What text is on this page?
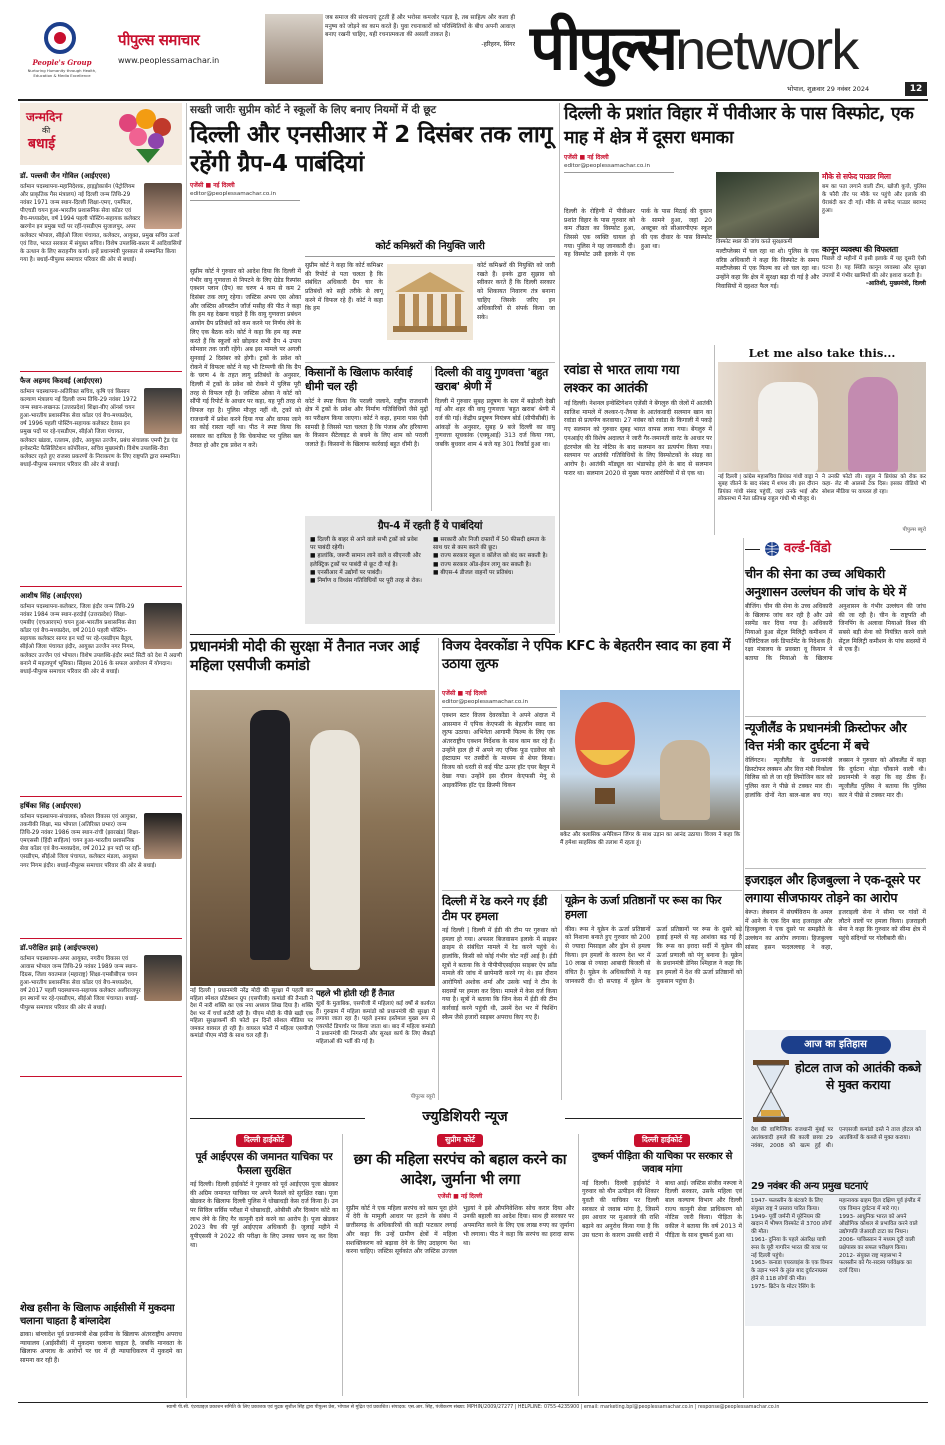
People's Group
Nurturing Humanity through Health, Education & Media Excellence
पीपुल्स समाचार
www.peoplessamachar.in
जब समाज की संरचनाएं टूटती हैं और भरोसा कमजोर पड़ता है, तब साहित्य और कला ही मनुष्य को जोड़ने का काम करते हैं। युवा रचनाकारों को परिस्थितियों के बीच अपनी आवाज़ बनाए रखनी चाहिए, यही रचनात्मकता की असली ताकत है।
-हरिहरन, सिंगर पीपुल्सnetwork
भोपाल, शुक्रवार 29 नवंबर 2024	12
जन्मदिन
की
बधाई
डॉ. पल्लवी जैन गोविल (आईएएस)

वर्तमान पदस्थापना-महानिदेशक, हाइड्रोकार्बन (पेट्रोलियम और प्राकृतिक गैस मंत्रालय) नई दिल्ली जन्म तिथि-29 नवंबर 1971 जन्म स्थान-दिल्ली शिक्षा-एमए, एमफिल, पीएचडी चयन हुआ-भारतीय प्रशासनिक सेवा कॉडर एवं बैच-मध्यप्रदेश, वर्ष 1994 पहली पोस्टिंग-सहायक कलेक्टर खरगोन इन प्रमुख पदों पर रहीं-एसडीएम सुजालपुर, अपर कलेक्टर भोपाल, सीईओ जिला पंचायत, कलेक्टर, आयुक्त, प्रमुख सचिव ऊर्जा एवं वित्त, भारत सरकार में संयुक्त सचिव। विशेष उपलब्धि-बस्तर में आदिवासियों के उत्थान के लिए सराहनीय कार्य। इन्हें प्रधानमंत्री पुरस्कार से सम्मानित किया गया है। बधाई-पीपुल्स समाचार परिवार की ओर से बधाई।

फैज अहमद किदवई (आईएएस)

वर्तमान पदस्थापना-अतिरिक्त सचिव, कृषि एवं किसान कल्याण मंत्रालय नई दिल्ली जन्म तिथि-29 नवंबर 1972 जन्म स्थान-लखनऊ (उत्तरप्रदेश) शिक्षा-बीए ऑनर्स चयन हुआ-भारतीय प्रशासनिक सेवा कॉडर एवं बैच-मध्यप्रदेश, वर्ष 1996 पहली पोस्टिंग-सहायक कलेक्टर देवास इन प्रमुख पदों पर रहे-एसडीएम, सीईओ जिला पंचायत, कलेक्टर खंडवा, रतलाम, इंदौर, आयुक्त उज्जैन, प्रबंध संचालक एमपी ट्रेड एंड इन्वेस्टमेंट फैसिलिटेशन कॉर्पोरेशन, सचिव मुख्यमंत्री। विशेष उपलब्धि-रीवा कलेक्टर रहते हुए राजस्व प्रकरणों के निराकरण के लिए राष्ट्रपति द्वारा सम्मानित। बधाई-पीपुल्स समाचार परिवार की ओर से बधाई।

आशीष सिंह (आईएएस)

वर्तमान पदस्थापना-कलेक्टर, जिला इंदौर जन्म तिथि-29 नवंबर 1984 जन्म स्थान-हरदोई (उत्तरप्रदेश) शिक्षा-एमबीए (एचआरएम) चयन हुआ-भारतीय प्रशासनिक सेवा कॉडर एवं बैच-मध्यप्रदेश, वर्ष 2010 पहली पोस्टिंग-सहायक कलेक्टर सागर इन पदों पर रहे-एसडीएम बैतूल, सीईओ जिला पंचायत इंदौर, आयुक्त उज्जैन नगर निगम, कलेक्टर उज्जैन एवं भोपाल। विशेष उपलब्धि-इंदौर स्मार्ट सिटी को देश में अग्रणी बनाने में महत्वपूर्ण भूमिका। सिंहस्थ 2016 के सफल आयोजन में योगदान। बधाई-पीपुल्स समाचार परिवार की ओर से बधाई।

हर्षिका सिंह (आईएएस)

वर्तमान पदस्थापना-संचालक, कौशल विकास एवं आयुक्त, तकनीकी शिक्षा, मप्र भोपाल (अतिरिक्त प्रभार) जन्म तिथि-29 नवंबर 1986 जन्म स्थान-रांची (झारखंड) शिक्षा-एमएससी (हिंदी साहित्य) चयन हुआ-भारतीय प्रशासनिक सेवा कॉडर एवं बैच-मध्यप्रदेश, वर्ष 2012 इन पदों पर रहीं-एसडीएम, सीईओ जिला पंचायत, कलेक्टर मंडला, आयुक्त नगर निगम इंदौर। बधाई-पीपुल्स समाचार परिवार की ओर से बधाई।

डॉ.परीक्षित झाड़े (आईएफएस)

वर्तमान पदस्थापना-अपर आयुक्त, नगरीय विकास एवं आवास भोपाल जन्म तिथि-29 नवंबर 1989 जन्म स्थान-दिग्रस, जिला यवतमाल (महाराष्ट्र) शिक्षा-एमबीबीएस चयन हुआ-भारतीय प्रशासनिक सेवा कॉडर एवं बैच-मध्यप्रदेश, वर्ष 2017 पहली पदस्थापना-सहायक कलेक्टर अलीराजपुर इन स्थानों पर रहे-एसडीएम, सीईओ जिला पंचायत। बधाई-पीपुल्स समाचार परिवार की ओर से बधाई।

शेख हसीना के खिलाफ आईसीसी में मुकदमा चलाना चाहता है बांग्लादेश
ढाका। बांग्लादेश पूर्व प्रधानमंत्री शेख हसीना के खिलाफ अंतरराष्ट्रीय अपराध न्यायालय (आईसीसी) में मुकदमा चलाना चाहता है, जबकि मानवता के खिलाफ अपराध के आरोपों पर घर में ही न्यायाधिकरण में मुकदमे का सामना कर रही हैं।
सख्ती जारीः सुप्रीम कोर्ट ने स्कूलों के लिए बनाए नियमों में दी छूट
दिल्ली और एनसीआर में 2 दिसंबर तक लागू रहेंगी ग्रैप-4 पाबंदियां
एजेंसी ■ नई दिल्ली
editor@peoplessamachar.co.in
सुप्रीम कोर्ट ने गुरुवार को आदेश दिया कि दिल्ली में गंभीर वायु गुणवत्ता से निपटने के लिए ग्रेडेड रिस्पांस एक्शन प्लान (ग्रैप) का चरण 4 कम से कम 2 दिसंबर तक लागू रहेगा। जस्टिस अभय एस ओका और जस्टिस ऑगस्टीन जॉर्ज मसीह की पीठ ने कहा कि हम यह देखना चाहते हैं कि वायु गुणवत्ता प्रबंधन आयोग ग्रैप प्रतिबंधों को कम करने पर निर्णय लेने के लिए एक बैठक करे। कोर्ट ने कहा कि हम यह स्पष्ट करते हैं कि स्कूलों को छोड़कर सभी ग्रैप 4 उपाय सोमवार तक जारी रहेंगे। अब इस मामले पर अगली सुनवाई 2 दिसंबर को होगी। ट्रकों के प्रवेश को रोकने में विफलः कोर्ट ने यह भी टिप्पणी की कि ग्रैप के चरण 4 के तहत लागू प्रतिबंधों के अनुसार, दिल्ली में ट्रकों के प्रवेश को रोकने में पुलिस पूरी तरह से विफल रही है। जस्टिस ओका ने कोर्ट को सौंपी गई रिपोर्ट के आधार पर कहा, यह पूरी तरह से विफल रहा है। पुलिस मौजूद नहीं थी, ट्रकों को राजधानी में प्रवेश करने दिया गया और वापस जाने का कोई रास्ता नहीं था। पीठ ने स्पष्ट किया कि सरकार का दायित्व है कि चेकपोस्ट पर पुलिस बल तैनात हो और ट्रक प्रवेश न करें।
कोर्ट कमिश्नरों की नियुक्ति जारी
सुप्रीम कोर्ट ने कहा कि कोर्ट कमिश्नर की रिपोर्ट से पता चलता है कि संबंधित अधिकारी ग्रैप चार के प्रतिबंधों को सही तरीके से लागू करने में विफल रहे हैं। कोर्ट ने कहा कि हम
कोर्ट कमिश्नरों की नियुक्ति को जारी रखते हैं। इनके द्वारा सुझाव को स्वीकार करते हैं कि दिल्ली सरकार को शिकायत निवारण तंत्र बनाना चाहिए जिसके जरिए इन अधिकारियों से संपर्क किया जा सके।
किसानों के खिलाफ कार्रवाई धीमी चल रही
कोर्ट ने स्पष्ट किया कि पराली जलाने, राष्ट्रीय राजधानी क्षेत्र में ट्रकों के प्रवेश और निर्माण गतिविधियों जैसे मुद्दों का परीक्षण किया जाएगा। कोर्ट ने कहा, हमारा पास ऐसी सामग्री है जिससे पता चलता है कि पंजाब और हरियाणा के किसान सैटेलाइट से बचने के लिए शाम को पराली जलाते हैं। किसानों के खिलाफ कार्रवाई बहुत धीमी है।
दिल्ली की वायु गुणवत्ता 'बहुत खराब' श्रेणी में
दिल्ली में गुरुवार सुबह प्रदूषण के स्तर में बढ़ोतरी देखी गई और शहर की वायु गुणवत्ता 'बहुत खराब' श्रेणी में दर्ज की गई। केंद्रीय प्रदूषण नियंत्रण बोर्ड (सीपीसीबी) के आंकड़ों के अनुसार, सुबह 9 बजे दिल्ली का वायु गुणवत्ता सूचकांक (एक्यूआई) 313 दर्ज किया गया, जबकि बुधवार शाम 4 बजे यह 301 रिकॉर्ड हुआ था।
ग्रैप-4 में रहती हैं ये पाबंदियां
■ दिल्ली के बाहर से आने वाले सभी ट्रकों को प्रवेश पर पाबंदी रहेगी।
■ हालांकि, जरूरी सामान लाने वाले व सीएनजी और इलेक्ट्रिक ट्रकों पर पाबंदी से छूट दी गई है।
■ एनसीआर में उद्योगों पर पाबंदी।
■ निर्माण व विध्वंस गतिविधियों पर पूरी तरह से रोक।
■ सरकारी और निजी दफ्तरों में 50 फीसदी क्षमता के साथ घर से काम करने की छूट।
■ राज्य सरकार स्कूल व कॉलेज को बंद कर सकती है।
■ राज्य सरकार ऑड-ईवन लागू कर सकती है।
■ बीएस-4 डीजल वाहनों पर प्रतिबंध।
प्रधानमंत्री मोदी की सुरक्षा में तैनात नजर आई महिला एसपीजी कमांडो
नई दिल्ली | प्रधानमंत्री नरेंद्र मोदी की सुरक्षा में पहली बार महिला स्पेशल प्रोटेक्शन ग्रुप (एसपीजी) कमांडो की तैनाती ने देश में नारी शक्ति का एक नया अध्याय लिख दिया है। शक्ति देश भर में चर्चा बटोरी रही है। पीएम मोदी के पीछे खड़ी एक महिला सुरक्षाकर्मी की फोटो इन दिनों सोशल मीडिया पर जमकर वायरल हो रही है। वायरल फोटो में महिला एसपीजी कमांडो पीएम मोदी के साथ चल रही हैं।
पहले भी होती रही हैं तैनात
सूत्रों के मुताबिक, एसपीजी में महिलाएं कई वर्षों से कार्यरत हैं। गुरुग्राम में महिला कमांडो को प्रधानमंत्री की सुरक्षा में लगाया जाता रहा है। पहले इनका इस्तेमाल मुख्य रूप से एयरपोर्ट डिपार्चर पर किया जाता था। बाद में महिला कमांडो ने प्रधानमंत्री की निगरानी और सुरक्षा कार्य के लिए सैकड़ों महिलाओं की भर्ती की गई है।
पीपुल्स ब्यूरो
विजय देवरकोंडा ने एपिक KFC के बेहतरीन स्वाद का हवा में उठाया लुत्फ
एजेंसी ■ नई दिल्ली
editor@peoplessamachar.co.in
एक्शन स्टार विजय देवरकोंडा ने अपने अंदाज में आसमान में एपिक केएफसी के बेहतरीन स्वाद का लुत्फ उठाया। अभिनेता आगामी फिल्म के लिए एक अंतरराष्ट्रीय एक्शन निर्देशक के साथ काम कर रहे हैं। उन्होंने हाल ही में अपने नए एपिक फूड एडवेंचर को इंस्टाग्राम पर तस्वीरों के माध्यम से शेयर किया। विजय को धरती से कई फीट ऊपर हॉट एयर बैलून में देखा गया। उन्होंने इस दौरान केएफसी मेनू से आइकॉनिक हॉट एंड क्रिस्पी चिकन
बकेट और क्लासिक अमेरिकन जिंगर के साथ उड़ान का आनंद उठाया। विजय ने कहा कि मैं हमेशा साहसिक की तलाश में रहता हूं।
दिल्ली में रेड करने गए ईडी टीम पर हमला
नई दिल्ली | दिल्ली में ईडी की टीम पर गुरुवार को हमला हो गया। अफसर बिजवासन इलाके में साइबर क्राइम से संबंधित मामले में रेड करने पहुंचे थे। हालांकि, किसी को कोई गंभीर चोट नहीं आई है। ईडी सूत्रों ने बताया कि वे पीपीपीएसईएस साइबर ऐप फ्रॉड मामले की जांच में छापेमारी करने गए थे। इस दौरान आरोपियों अशोक शर्मा और उसके भाई ने टीम के सदस्यों पर हमला कर दिया। मामले में केस दर्ज किया गया है। सूत्रों ने बताया कि जिन केस में ईडी की टीम कार्रवाई करने पहुंची थी, उसमें देश भर में फिशिंग स्कैम जैसे हजारों साइबर अपराध किए गए हैं।
यूक्रेन के ऊर्जा प्रतिष्ठानों पर रूस का फिर हमला
कीव। रूस ने यूक्रेन के ऊर्जा प्रतिष्ठानों को निशाना बनाते हुए गुरुवार को 200 से ज्यादा मिसाइल और ड्रोन से हमला किया। इन हमलों के कारण देश भर में 10 लाख से ज्यादा आबादी बिजली से वंचित है। यूक्रेन के अधिकारियों ने यह जानकारी दी। दो सप्ताह में यूक्रेन के ऊर्जा प्रतिष्ठानों पर रूस के दूसरे बड़े हवाई हमले से यह आशंका बढ़ गई है कि रूस का इरादा सर्दी में यूक्रेन की ऊर्जा प्रणाली को पंगु बनाना है। यूक्रेन के प्रधानमंत्री डेनिस श्मिहाल ने कहा कि इन हमलों में देश की ऊर्जा प्रतिष्ठानों को नुकसान पहुंचा है।
दिल्ली के प्रशांत विहार में पीवीआर के पास विस्फोट, एक माह में क्षेत्र में दूसरा धमाका
एजेंसी ■ नई दिल्ली
editor@peoplessamachar.co.in
दिल्ली के रोहिणी में पीवीआर प्रशांत विहार के पास गुरुवार को कम तीव्रता का विस्फोट हुआ, जिससे एक व्यक्ति घायल हो गया। पुलिस ने यह जानकारी दी। यह विस्फोट उसी इलाके में एक पार्क के पास मिठाई की दुकान के सामने हुआ, जहां 20 अक्टूबर को सीआरपीएफ स्कूल की एक दीवार के पास विस्फोट हुआ था।
विस्फोट स्थल की जांच करते सुरक्षाकर्मी
मौके से सफेद पाउडर मिला
बम का पता लगाने वाली टीम, खोजी कुत्ते, पुलिस के फौरी तौर पर मौके पर पहुंचे और इलाके की घेराबंदी कर दी गई। मौके से सफेद पाउडर बरामद हुआ।
मल्टीप्लेक्स में चल रहा था शो। पुलिस के एक वरिष्ठ अधिकारी ने कहा कि विस्फोट के समय मल्टीप्लेक्स में एक फिल्म का शो चल रहा था। उन्होंने कहा कि क्षेत्र में सुरक्षा बढ़ा दी गई है और निवासियों में दहशत फैल गई।
कानून व्यवस्था की विफलता
पिछले दो महीनों में इसी इलाके में यह दूसरी ऐसी घटना है। यह स्थिति कानून व्यवस्था और सुरक्षा उपायों में गंभीर खामियों की ओर इशारा करती है।
-आतिशी, मुख्यमंत्री, दिल्ली
रवांडा से भारत लाया गया लश्कर का आतंकी
नई दिल्ली। नेशनल इन्वेस्टिगेशन एजेंसी ने बेंगलुरु की जेलों में आतंकी साजिश मामले में लश्कर-ए-तैयबा के आतंकवादी सलमान खान का रवांडा से प्रत्यर्पण करवाया। 27 नवंबर को रवांडा के किगाली में पकड़े गए सलमान को गुरुवार सुबह भारत वापस लाया गया। बेंगलुरु में एनआईए की विशेष अदालत ने जारी गैर-जमानती वारंट के आधार पर इंटरपोल की रेड नोटिस के बाद सलमान का प्रत्यर्पण किया गया। सलमान पर आतंकी गतिविधियों के लिए विस्फोटकों के संग्रह का आरोप है। आतंकी मॉड्यूल का भंडाफोड़ होने के बाद से सलमान फरार था। सलमान 2020 से मुख्य फरार आरोपियों में से एक था।
Let me also take this...
नई दिल्ली | कांग्रेस महासचिव प्रियंका गांधी वाड्रा ने सुबह जीतने के बाद संसद में शपथ ली। इस दौरान प्रियंका गांधी संसद पहुंचीं, जहां उनके भाई और लोकसभा में नेता प्रतिपक्ष राहुल गांधी भी मौजूद थे।
ने उनकी फोटो ली। राहुल ने प्रियंका को रोक कर कहा- लेट मी आलसो टेक दिस। इसका वीडियो भी सोशल मीडिया पर वायरल हो रहा।
पीपुल्स ब्यूरो
वर्ल्ड-विंडो
चीन की सेना का उच्च अधिकारी अनुशासन उल्लंघन की जांच के घेरे में
बीजिंग। चीन की सेना के उच्च अधिकारी के खिलाफ जांच कर रही है और उसे सस्पेंड कर दिया गया है। अधिकारी मियाओ हुआ सेंट्रल मिलिट्री कमीशन में पॉलिटिकल वर्क डिपार्टमेंट के निदेशक हैं। रक्षा मंत्रालय के प्रवक्ता वू कियान ने बताया कि मियाओ के खिलाफ अनुशासन के गंभीर उल्लंघन की जांच की जा रही है। चीन के राष्ट्रपति शी जिनपिंग के अलावा मियाओ विश्व की सबसे बड़ी सेना को नियंत्रित करने वाले सेंट्रल मिलिट्री कमीशन के पांच सदस्यों में से एक हैं।
न्यूजीलैंड के प्रधानमंत्री क्रिस्टोफर और वित्त मंत्री कार दुर्घटना में बचे
वेलिंगटन। न्यूजीलैंड के प्रधानमंत्री क्रिस्टोफर लक्सन और वित्त मंत्री निकोला विलिस को ले जा रही लिमोजिन कार को पुलिस कार ने पीछे से टक्कर मार दी। हालांकि दोनों नेता बाल-बाल बच गए। लक्सन ने गुरुवार को ऑकलैंड में कहा कि दुर्घटना थोड़ा चौंकाने वाली थी। प्रधानमंत्री ने कहा कि वह ठीक हैं। न्यूजीलैंड पुलिस ने बताया कि पुलिस कार ने पीछे से टक्कर मार दी।
इजराइल और हिजबुल्ला ने एक-दूसरे पर लगाया सीजफायर तोड़ने का आरोप
बेरूत। लेबनान में संघर्षविराम के अमल में आने के एक दिन बाद इजराइल और हिजबुल्ला ने एक दूसरे पर समझौते के उल्लंघन का आरोप लगाया। हिजबुल्ला सांसद हसन फदलल्लाह ने कहा, इजराइली सेना ने सीमा पर गांवों में लौटने वालों पर हमला किया। इजराइली सेना ने कहा कि गुरुवार को सीमा क्षेत्र में पहुंचे संदिग्धों पर गोलीबारी की।
आज का इतिहास
होटल ताज को आतंकी कब्जे से मुक्त कराया
देश की वाणिज्यिक राजधानी मुंबई पर आतंकवादी हमले की काली छाया 29 नवंबर, 2008 को खत्म हुई थी। एनएसजी कमांडो दस्ते ने ताज होटल को आतंकियों के कब्जे से मुक्त कराया।
29 नवंबर की अन्य प्रमुख घटनाएं
1947- फलस्तीन के बंटवारे के लिए संयुक्त राष्ट्र ने प्रस्ताव पारित किया।
1949- पूर्वी जर्मनी में यूरेनियम की खदान में भीषण विस्फोट से 3700 लोगों की मौत।
1961- दुनिया के पहले अंतरिक्ष यात्री रूस के यूरी गागरिन भारत की यात्रा पर नई दिल्ली पहुंचे।
1963- कनाडा एयरलाइंस के एक विमान के उड़ान भरने के तुरंत बाद दुर्घटनाग्रस्त होने से 118 लोगों की मौत।
1975- ब्रिटेन के मोटर रेसिंग के
महानायक ग्राहम हिल दक्षिण पूर्व इंग्लैंड में एक विमान दुर्घटना में मारे गए।
1993- आधुनिक भारत को अपने औद्योगिक कौशल से प्रभावित करने वाले उद्योगपति जेआरडी टाटा का निधन।
2006- पाकिस्तान ने मध्यम दूरी वाली प्रक्षेपास्त्र का सफल परीक्षण किया।
2012- संयुक्त राष्ट्र महासभा ने फलस्तीन को गैर-सदस्य पर्यवेक्षक का दर्जा दिया।
ज्युडिशियरी न्यूज
दिल्ली हाईकोर्ट
पूर्व आईएएस की जमानत याचिका पर फैसला सुरक्षित
नई दिल्ली। दिल्ली हाईकोर्ट ने गुरुवार को पूर्व आईएएस पूजा खेडकर की अग्रिम जमानत याचिका पर अपने फैसले को सुरक्षित रखा। पूजा खेडकर के खिलाफ दिल्ली पुलिस ने धोखाधड़ी केस दर्ज किया है। उन पर सिविल सर्विस परीक्षा में धोखाधड़ी, ओबीसी और दिव्यांग कोटे का लाभ लेने के लिए गैर कानूनी दावे करने का आरोप है। पूजा खेडकर 2023 बैच की पूर्व आईएएस अधिकारी हैं। जुलाई महीने में यूपीएससी ने 2022 की परीक्षा के लिए उनका चयन रद्द कर दिया था।
सुप्रीम कोर्ट
छग की महिला सरपंच को बहाल करने का आदेश, जुर्माना भी लगा
एजेंसी ■ नई दिल्ली
सुप्रीम कोर्ट ने एक महिला सरपंच को काम पूरा होने में देरी के मामूली आधार पर हटाने के संबंध में छत्तीसगढ़ के अधिकारियों की कड़ी फटकार लगाई और कहा कि उन्हें ग्रामीण क्षेत्रों में महिला सशक्तिकरण को बढ़ावा देने के लिए उदाहरण पेश करना चाहिए। जस्टिस सूर्यकांत और जस्टिस उज्जल भुइयां ने इसे औपनिवेशिक सोच करार दिया और उनकी बहाली का आदेश दिया। साथ ही सरकार पर अपमानित करने के लिए एक लाख रुपए का जुर्माना भी लगाया। पीठ ने कहा कि सरपंच का इरादा साफ था।
दिल्ली हाईकोर्ट
दुष्कर्म पीड़िता की याचिका पर सरकार से जवाब मांगा
नई दिल्ली। दिल्ली हाईकोर्ट ने गुरुवार को यौन उत्पीड़न की शिकार युवती की याचिका पर दिल्ली सरकार से जवाब मांगा है, जिसमें इस आधार पर मुआवजे की राशि बढ़ाने का अनुरोध किया गया है कि उस घटना के कारण उसकी शादी में बाधा आई। जस्टिस संजीव नरूला ने दिल्ली सरकार, उसके महिला एवं बाल कल्याण विभाग और दिल्ली राज्य कानूनी सेवा प्राधिकरण को नोटिस जारी किया। पीड़िता के वकील ने बताया कि वर्ष 2013 में पीड़िता के साथ दुष्कर्म हुआ था।
स्वामी पी.सी. एंटरप्राइज़ प्रकाशन समिति के लिए प्रकाशक एवं मुद्रक सुशील सिंह द्वारा पीपुल्स प्रेस, भोपाल से मुद्रित एवं प्रकाशित। संपादक: एस.आर. सिंह, पंजीकरण संख्या: MPHIN/2009/27277 | HELPLINE: 0755-4235900 | email: marketing.bpl@peoplessamachar.co.in | response@peoplessamachar.co.in
